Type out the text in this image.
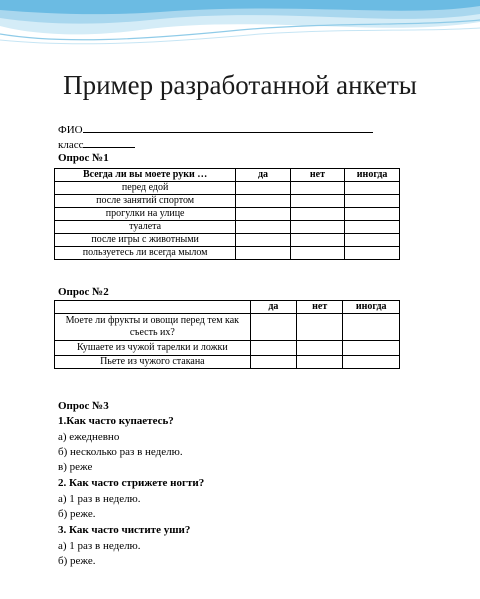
Пример разработанной анкеты
ФИО
класс
Опрос №1
Всегда ли вы моете руки …	да	нет	иногда
перед едой			
после занятий спортом			
прогулки на улице			
туалета			
после игры с животными			
пользуетесь ли всегда мылом			
Опрос №2
	да	нет	иногда
Моете ли фрукты и овощи перед тем как съесть их?			
Кушаете из чужой тарелки и ложки			
Пьете из чужого стакана			
Опрос №3
1.Как часто купаетесь?
а) ежедневно
б) несколько раз в неделю.
в) реже
2. Как часто стрижете ногти?
а) 1 раз в неделю.
б) реже.
3. Как часто чистите уши?
а) 1 раз в неделю.
б) реже.
